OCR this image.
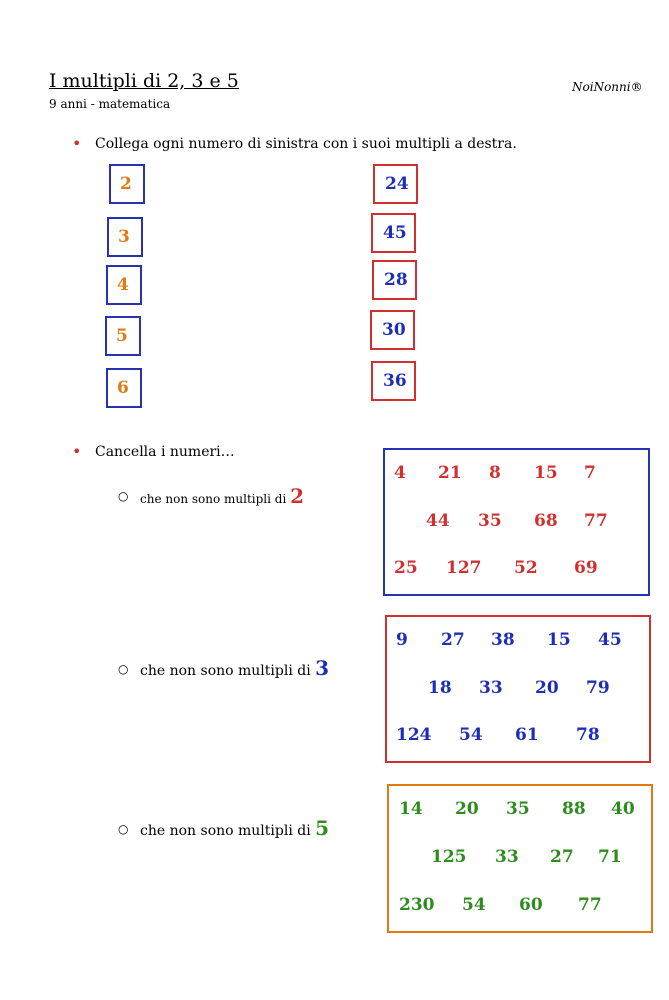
I multipli di 2, 3 e 5
9 anni - matematica
NoiNonni®
• Collega ogni numero di sinistra con i suoi multipli a destra.
2
3
4
5
6
24
45
28
30
36
• Cancella i numeri…
○ che non sono multipli di 2
4 21 8 15 7
44 35 68 77
25 127 52 69
○ che non sono multipli di 3
9 27 38 15 45
18 33 20 79
124 54 61 78
○ che non sono multipli di 5
14 20 35 88 40
125 33 27 71
230 54 60 77
